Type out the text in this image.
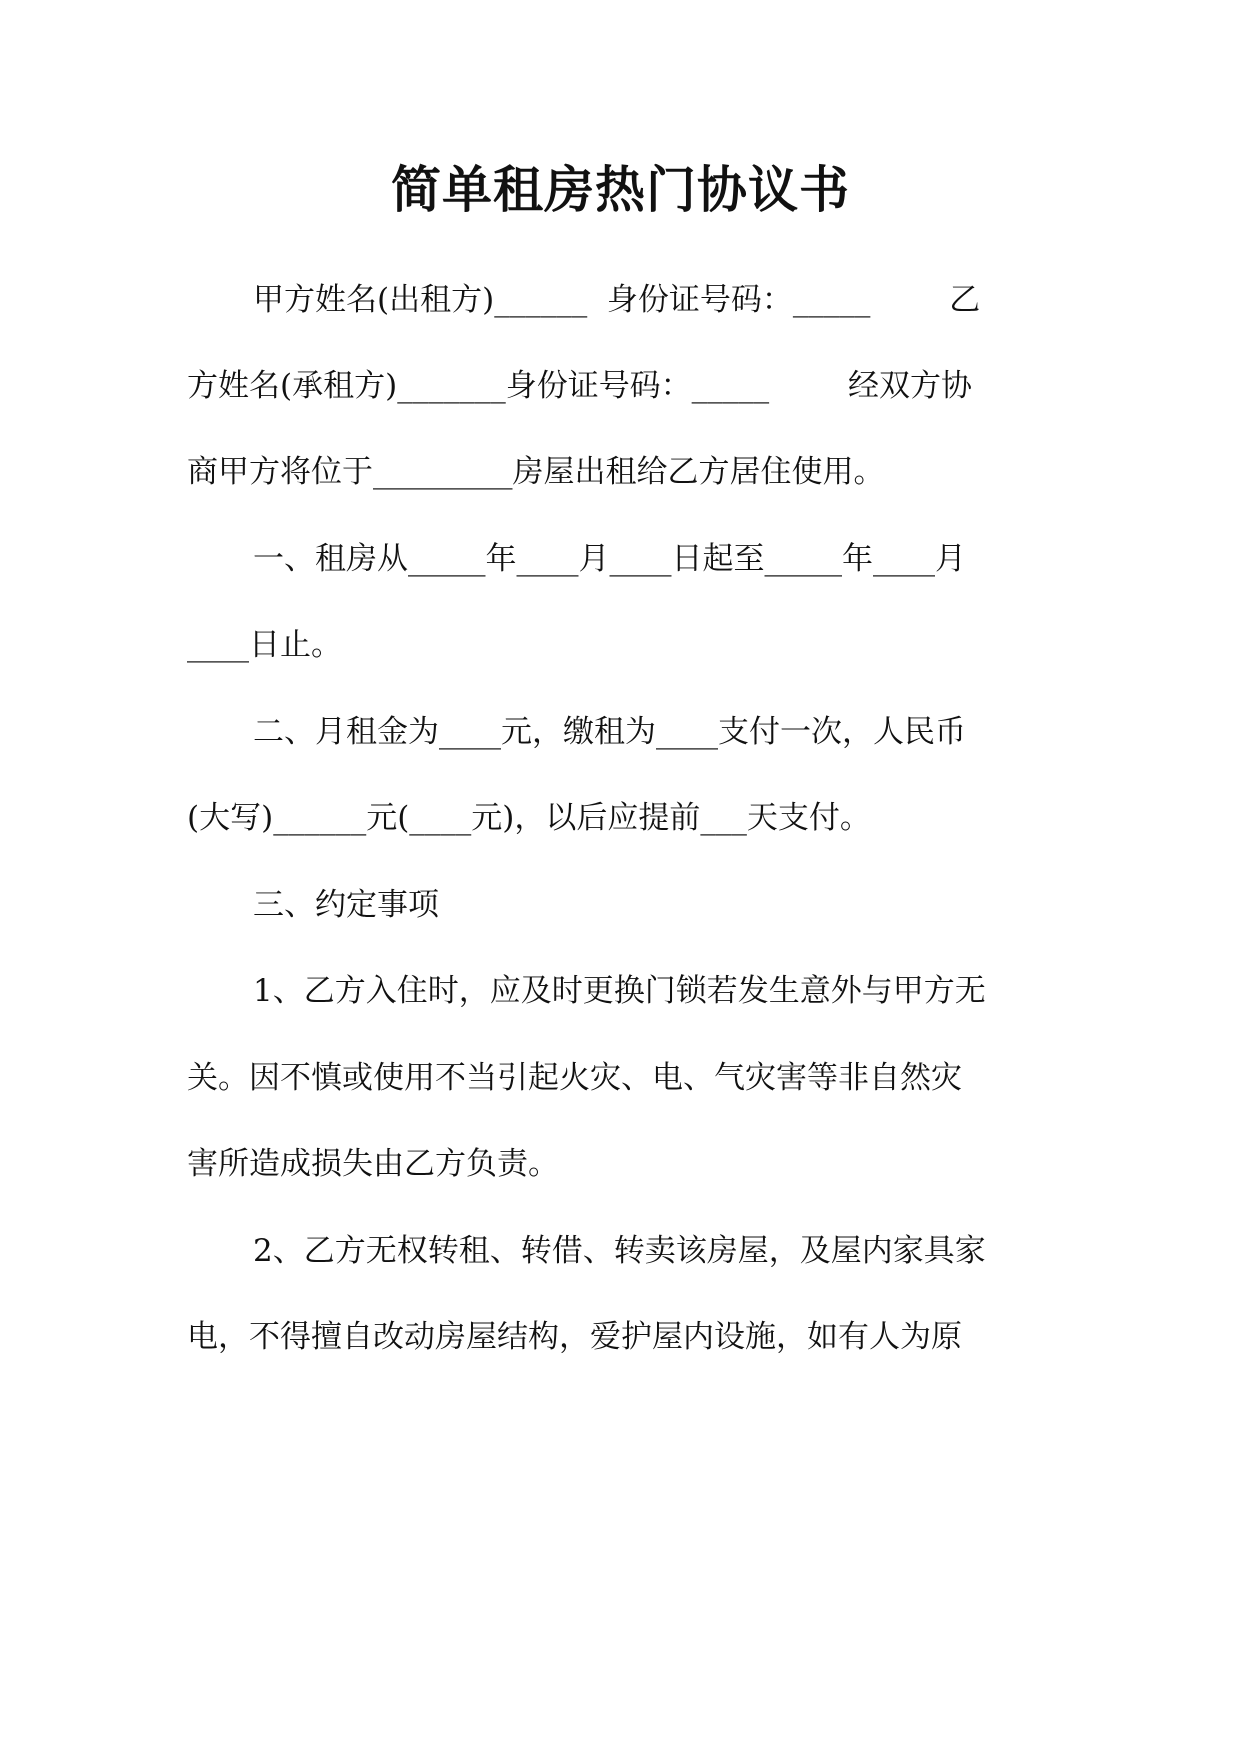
简单租房热门协议书

甲方姓名(出租方)______  身份证号码：_____        乙

方姓名(承租方)_______身份证号码：_____        经双方协

商甲方将位于_________房屋出租给乙方居住使用。

一、租房从_____年____月____日起至_____年____月

____日止。

二、月租金为____元，缴租为____支付一次，人民币

(大写)______元(____元)，以后应提前___天支付。

三、约定事项

1、乙方入住时，应及时更换门锁若发生意外与甲方无

关。因不慎或使用不当引起火灾、电、气灾害等非自然灾

害所造成损失由乙方负责。

2、乙方无权转租、转借、转卖该房屋，及屋内家具家

电，不得擅自改动房屋结构，爱护屋内设施，如有人为原
